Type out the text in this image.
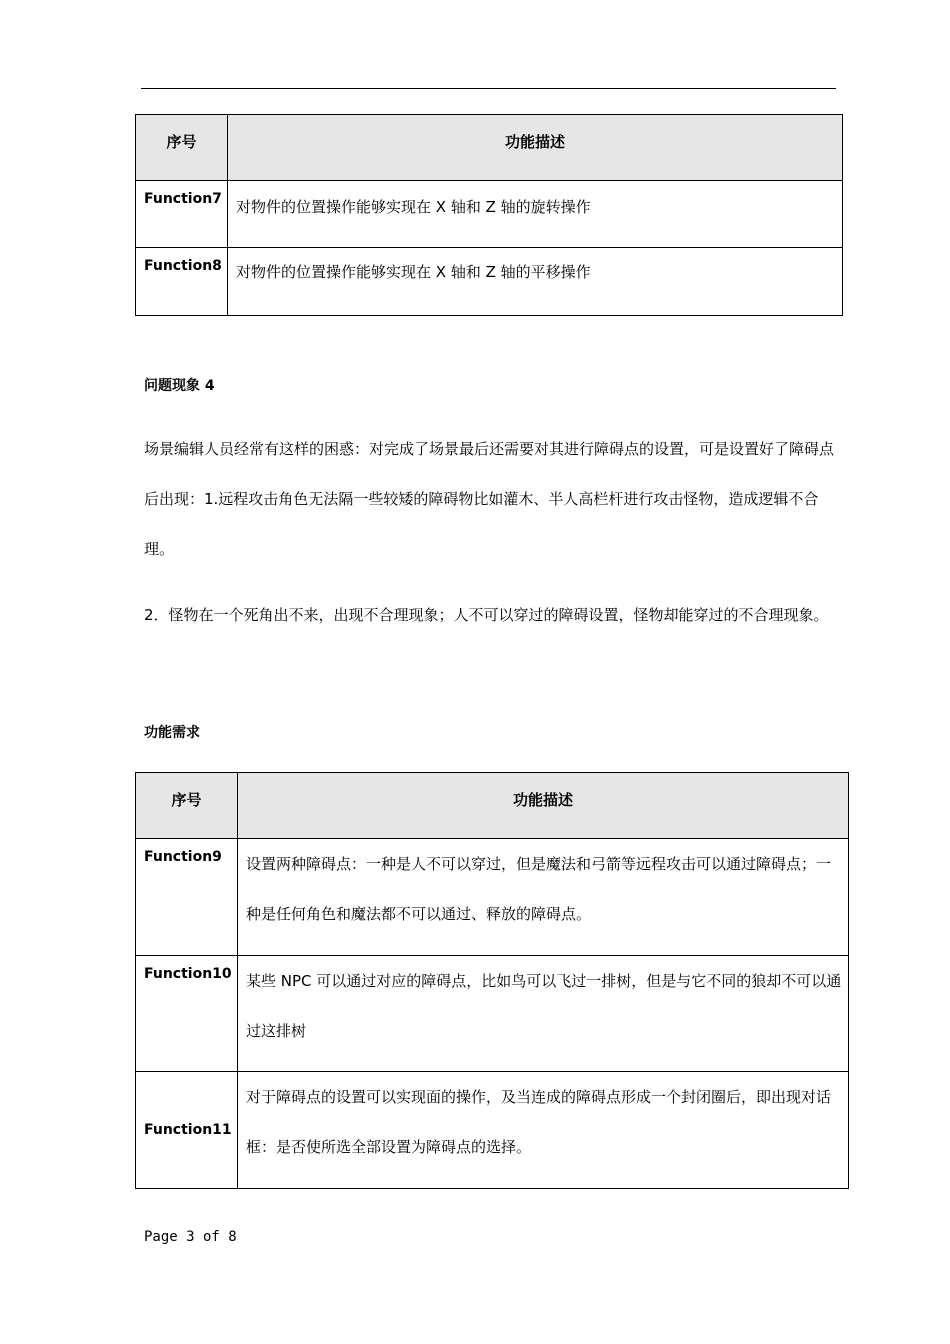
序号	功能描述

Function7	对物件的位置操作能够实现在 X 轴和 Z 轴的旋转操作
Function8	对物件的位置操作能够实现在 X 轴和 Z 轴的平移操作
问题现象 4
场景编辑人员经常有这样的困惑：对完成了场景最后还需要对其进行障碍点的设置，可是设置好了障碍点后出现：1.远程攻击角色无法隔一些较矮的障碍物比如灌木、半人高栏杆进行攻击怪物，造成逻辑不合理。
2．怪物在一个死角出不来，出现不合理现象；人不可以穿过的障碍设置，怪物却能穿过的不合理现象。
功能需求
序号	功能描述

Function9	设置两种障碍点：一种是人不可以穿过，但是魔法和弓箭等远程攻击可以通过障碍点；一种是任何角色和魔法都不可以通过、释放的障碍点。
Function10	某些 NPC 可以通过对应的障碍点，比如鸟可以飞过一排树，但是与它不同的狼却不可以通过这排树
Function11	对于障碍点的设置可以实现面的操作，及当连成的障碍点形成一个封闭圈后，即出现对话框：是否使所选全部设置为障碍点的选择。
Page 3 of 8
